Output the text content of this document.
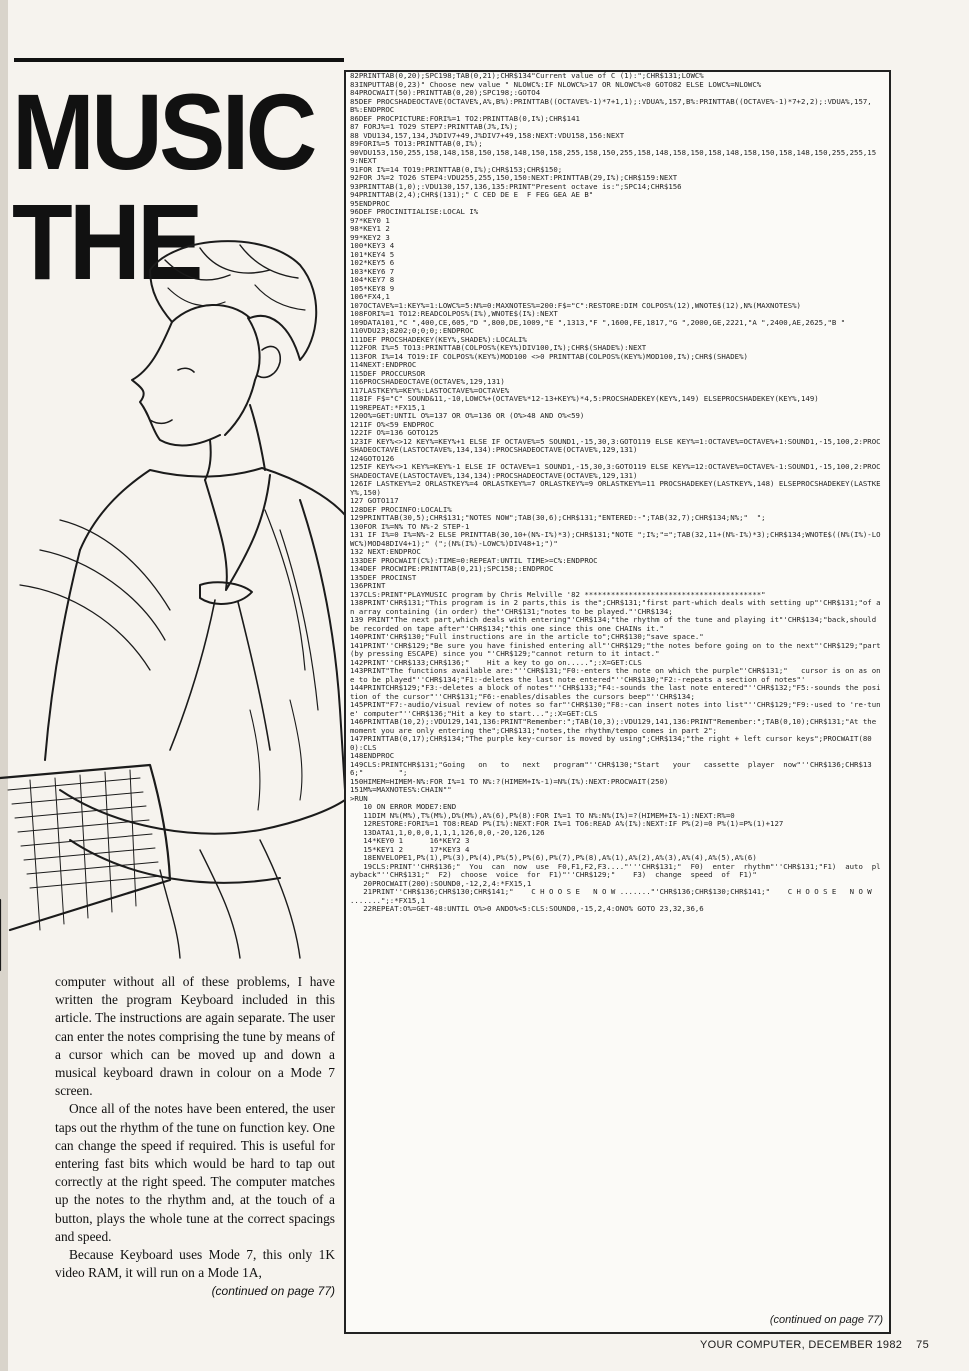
MUSIC
THE

computer without all of these problems, I have written the program Keyboard included in this article. The instructions are again separate. The user can enter the notes comprising the tune by means of a cursor which can be moved up and down a musical keyboard drawn in colour on a Mode 7 screen.

Once all of the notes have been entered, the user taps out the rhythm of the tune on function key. One can change the speed if required. This is useful for entering fast bits which would be hard to tap out correctly at the right speed. The computer matches up the notes to the rhythm and, at the touch of a button, plays the whole tune at the correct spacings and speed.

Because Keyboard uses Mode 7, this only 1K video RAM, it will run on a Mode 1A,

(continued on page 77)

82PRINTTAB(0,20);SPC198;TAB(0,21);CHR$134"Current value of C (1):";CHR$131;LOWC%
83INPUTTAB(0,23)" Choose new value " NLOWC%:IF NLOWC%>17 OR NLOWC%<0 GOTO82 ELSE LOWC%=NLOWC%
84PROCWAIT(50):PRINTTAB(0,20);SPC198;:GOTO4
85DEF PROCSHADEOCTAVE(OCTAVE%,A%,B%):PRINTTAB((OCTAVE%-1)*7+1,1);:VDUA%,157,B%:PRINTTAB((OCTAVE%-1)*7+2,2);:VDUA%,157,B%:ENDPROC
86DEF PROCPICTURE:FORI%=1 TO2:PRINTTAB(0,I%);CHR$141
87 FORJ%=1 TO29 STEP7:PRINTTAB(J%,I%);
88 VDU134,157,134,J%DIV7+49,J%DIV7+49,158:NEXT:VDU158,156:NEXT
89FORI%=5 TO13:PRINTTAB(0,I%);
90VDU153,150,255,158,148,158,150,158,148,150,158,255,158,150,255,158,148,158,150,158,148,158,150,158,148,150,255,255,159:NEXT
91FOR I%=14 TO19:PRINTTAB(0,I%);CHR$153;CHR$150;
92FOR J%=2 TO26 STEP4:VDU255,255,150,150:NEXT:PRINTTAB(29,I%);CHR$159:NEXT
93PRINTTAB(1,0);:VDU130,157,136,135:PRINT"Present octave is:";SPC14;CHR$156
94PRINTTAB(2,4);CHR$(131);" C CED DE E  F FEG GEA AE B"
95ENDPROC
96DEF PROCINITIALISE:LOCAL I%
97*KEY0 1
98*KEY1 2
99*KEY2 3
100*KEY3 4
101*KEY4 5
102*KEY5 6
103*KEY6 7
104*KEY7 8
105*KEY8 9
106*FX4,1
107OCTAVE%=1:KEY%=1:LOWC%=5:N%=0:MAXNOTES%=200:F$="C":RESTORE:DIM COLPOS%(12),WNOTE$(12),N%(MAXNOTES%)
108FORI%=1 TO12:READCOLPOS%(I%),WNOTE$(I%):NEXT
109DATA101,"C ",400,CE,605,"D ",800,DE,1009,"E ",1313,"F ",1600,FE,1817,"G ",2000,GE,2221,"A ",2400,AE,2625,"B "
110VDU23;8202;0;0;0;:ENDPROC
111DEF PROCSHADEKEY(KEY%,SHADE%):LOCALI%
112FOR I%=5 TO13:PRINTTAB(COLPOS%(KEY%)DIV100,I%);CHR$(SHADE%):NEXT
113FOR I%=14 TO19:IF COLPOS%(KEY%)MOD100 <>0 PRINTTAB(COLPOS%(KEY%)MOD100,I%);CHR$(SHADE%)
114NEXT:ENDPROC
115DEF PROCCURSOR
116PROCSHADEOCTAVE(OCTAVE%,129,131)
117LASTKEY%=KEY%:LASTOCTAVE%=OCTAVE%
118IF F$="C" SOUND&11,-10,LOWC%+(OCTAVE%*12-13+KEY%)*4,5:PROCSHADEKEY(KEY%,149) ELSEPROCSHADEKEY(KEY%,149)
119REPEAT:*FX15,1
120O%=GET:UNTIL O%=137 OR O%=136 OR (O%>48 AND O%<59)
121IF O%<59 ENDPROC
122IF O%=136 GOTO125
123IF KEY%<>12 KEY%=KEY%+1 ELSE IF OCTAVE%=5 SOUND1,-15,30,3:GOTO119 ELSE KEY%=1:OCTAVE%=OCTAVE%+1:SOUND1,-15,100,2:PROCSHADEOCTAVE(LASTOCTAVE%,134,134):PROCSHADEOCTAVE(OCTAVE%,129,131)
124GOTO126
125IF KEY%<>1 KEY%=KEY%-1 ELSE IF OCTAVE%=1 SOUND1,-15,30,3:GOTO119 ELSE KEY%=12:OCTAVE%=OCTAVE%-1:SOUND1,-15,100,2:PROCSHADEOCTAVE(LASTOCTAVE%,134,134):PROCSHADEOCTAVE(OCTAVE%,129,131)
126IF LASTKEY%=2 ORLASTKEY%=4 ORLASTKEY%=7 ORLASTKEY%=9 ORLASTKEY%=11 PROCSHADEKEY(LASTKEY%,148) ELSEPROCSHADEKEY(LASTKEY%,150)
127 GOTO117
128DEF PROCINFO:LOCALI%
129PRINTTAB(30,5);CHR$131;"NOTES NOW";TAB(30,6);CHR$131;"ENTERED:-";TAB(32,7);CHR$134;N%;"  ";
130FOR I%=N% TO N%-2 STEP-1
131 IF I%=0 I%=N%-2 ELSE PRINTTAB(30,10+(N%-I%)*3);CHR$131;"NOTE ";I%;"=";TAB(32,11+(N%-I%)*3);CHR$134;WNOTE$((N%(I%)-LOWC%)MOD48DIV4+1);" (";(N%(I%)-LOWC%)DIV48+1;")"
132 NEXT:ENDPROC
133DEF PROCWAIT(C%):TIME=0:REPEAT:UNTIL TIME>=C%:ENDPROC
134DEF PROCWIPE:PRINTTAB(0,21);SPC158;:ENDPROC
135DEF PROCINST
136PRINT
137CLS:PRINT"PLAYMUSIC program by Chris Melville '82 ****************************************"
138PRINT'CHR$131;"This program is in 2 parts,this is the";CHR$131;"first part-which deals with setting up"'CHR$131;"of an array containing (in order) the"'CHR$131;"notes to be played."'CHR$134;
139 PRINT"The next part,which deals with entering"'CHR$134;"the rhythm of the tune and playing it"'CHR$134;"back,should be recorded on tape after"'CHR$134;"this one since this one CHAINs it."
140PRINT'CHR$130;"Full instructions are in the article to";CHR$130;"save space."
141PRINT''CHR$129;"Be sure you have finished entering all"'CHR$129;"the notes before going on to the next"'CHR$129;"part (by pressing ESCAPE) since you "'CHR$129;"cannot return to it intact."
142PRINT''CHR$133;CHR$136;"    Hit a key to go on.....";:X=GET:CLS
143PRINT"The functions available are:"''CHR$131;"F0:-enters the note on which the purple"'CHR$131;"   cursor is on as one to be played"''CHR$134;"F1:-deletes the last note entered"''CHR$130;"F2:-repeats a section of notes"'
144PRINTCHR$129;"F3:-deletes a block of notes"''CHR$133;"F4:-sounds the last note entered"''CHR$132;"F5:-sounds the position of the cursor"''CHR$131;"F6:-enables/disables the cursors beep"''CHR$134;
145PRINT"F7:-audio/visual review of notes so far"'CHR$130;"F8:-can insert notes into list"''CHR$129;"F9:-used to 're-tune' computer"''CHR$136;"Hit a key to start...";:X=GET:CLS
146PRINTTAB(10,2);:VDU129,141,136:PRINT"Remember:";TAB(10,3);:VDU129,141,136:PRINT"Remember:";TAB(0,10);CHR$131;"At the moment you are only entering the";CHR$131;"notes,the rhythm/tempo comes in part 2";
147PRINTTAB(0,17);CHR$134;"The purple key-cursor is moved by using";CHR$134;"the right + left cursor keys";PROCWAIT(800):CLS
148ENDPROC
149CLS:PRINTCHR$131;"Going   on   to   next   program"''CHR$130;"Start   your   cassette  player  now"''CHR$136;CHR$136;"        ";
150HIMEM=HIMEM-N%:FOR I%=1 TO N%:?(HIMEM+I%-1)=N%(I%):NEXT:PROCWAIT(250)
151M%=MAXNOTES%:CHAIN""
>RUN
10 ON ERROR MODE7:END
11DIM N%(M%),T%(M%),D%(M%),A%(6),P%(8):FOR I%=1 TO N%:N%(I%)=?(HIMEM+I%-1):NEXT:R%=0
12RESTORE:FORI%=1 TO8:READ P%(I%):NEXT:FOR I%=1 TO6:READ A%(I%):NEXT:IF P%(2)=0 P%(1)=P%(1)+127
13DATA1,1,0,0,0,1,1,1,126,0,0,-20,126,126
14*KEY0 1      16*KEY2 3
15*KEY1 2      17*KEY3 4
18ENVELOPE1,P%(1),P%(3),P%(4),P%(5),P%(6),P%(7),P%(8),A%(1),A%(2),A%(3),A%(4),A%(5),A%(6)
19CLS:PRINT''CHR$136;"  You  can  now  use  F0,F1,F2,F3...."'''CHR$131;"  F0)  enter  rhythm"''CHR$131;"F1)  auto  playback"''CHR$131;"  F2)  choose  voice  for  F1)"''CHR$129;"    F3)  change  speed  of  F1)"
20PROCWAIT(200):SOUND0,-12,2,4:*FX15,1
21PRINT''CHR$136;CHR$130;CHR$141;"    C H O O S E   N O W ......."'CHR$136;CHR$130;CHR$141;"    C H O O S E   N O W .......";:*FX15,1
22REPEAT:O%=GET-48:UNTIL O%>0 ANDO%<5:CLS:SOUND0,-15,2,4:ONO% GOTO 23,32,36,6
(continued on page 77)
YOUR COMPUTER, DECEMBER 1982 75
